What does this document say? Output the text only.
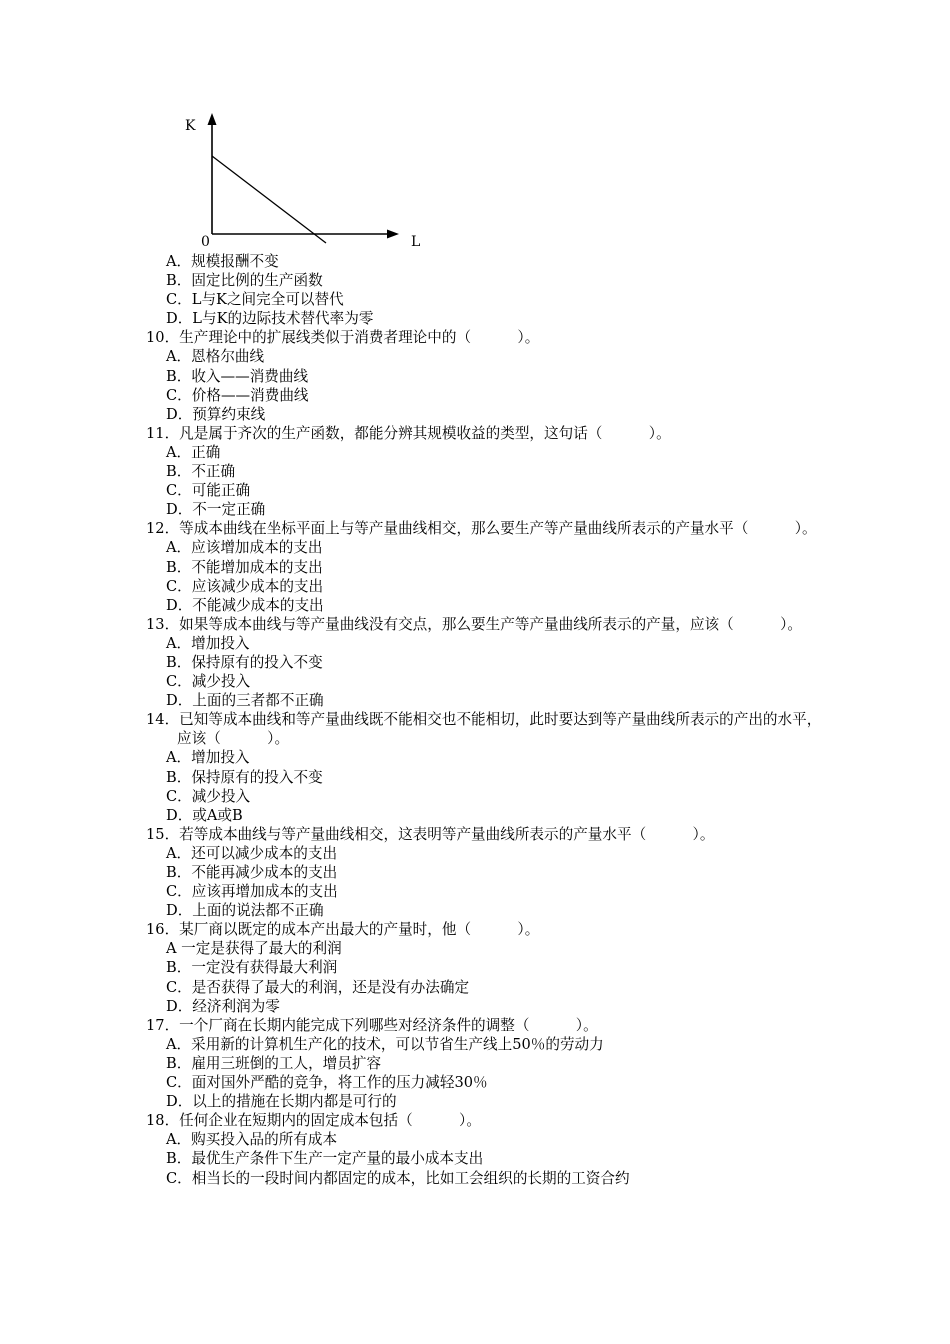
K
L
0
A．规模报酬不变
B．固定比例的生产函数
C．L与K之间完全可以替代
D．L与K的边际技术替代率为零
10．生产理论中的扩展线类似于消费者理论中的（          ）。
A．恩格尔曲线
B．收入——消费曲线
C．价格——消费曲线
D．预算约束线
11．凡是属于齐次的生产函数，都能分辨其规模收益的类型，这句话（          ）。
A．正确
B．不正确
C．可能正确
D．不一定正确
12．等成本曲线在坐标平面上与等产量曲线相交，那么要生产等产量曲线所表示的产量水平（          ）。
A．应该增加成本的支出
B．不能增加成本的支出
C．应该减少成本的支出
D．不能减少成本的支出
13．如果等成本曲线与等产量曲线没有交点，那么要生产等产量曲线所表示的产量，应该（          ）。
A．增加投入
B．保持原有的投入不变
C．减少投入
D．上面的三者都不正确
14．已知等成本曲线和等产量曲线既不能相交也不能相切，此时要达到等产量曲线所表示的产出的水平，应该（          ）。
A．增加投入
B．保持原有的投入不变
C．减少投入
D．或A或B
15．若等成本曲线与等产量曲线相交，这表明等产量曲线所表示的产量水平（          ）。
A．还可以减少成本的支出
B．不能再减少成本的支出
C．应该再增加成本的支出
D．上面的说法都不正确
16．某厂商以既定的成本产出最大的产量时，他（          ）。
A 一定是获得了最大的利润
B．一定没有获得最大利润
C．是否获得了最大的利润，还是没有办法确定
D．经济利润为零
17．一个厂商在长期内能完成下列哪些对经济条件的调整（          ）。
A．采用新的计算机生产化的技术，可以节省生产线上50％的劳动力
B．雇用三班倒的工人，增员扩容
C．面对国外严酷的竞争，将工作的压力减轻30％
D．以上的措施在长期内都是可行的
18．任何企业在短期内的固定成本包括（          ）。
A．购买投入品的所有成本
B．最优生产条件下生产一定产量的最小成本支出
C．相当长的一段时间内都固定的成本，比如工会组织的长期的工资合约
